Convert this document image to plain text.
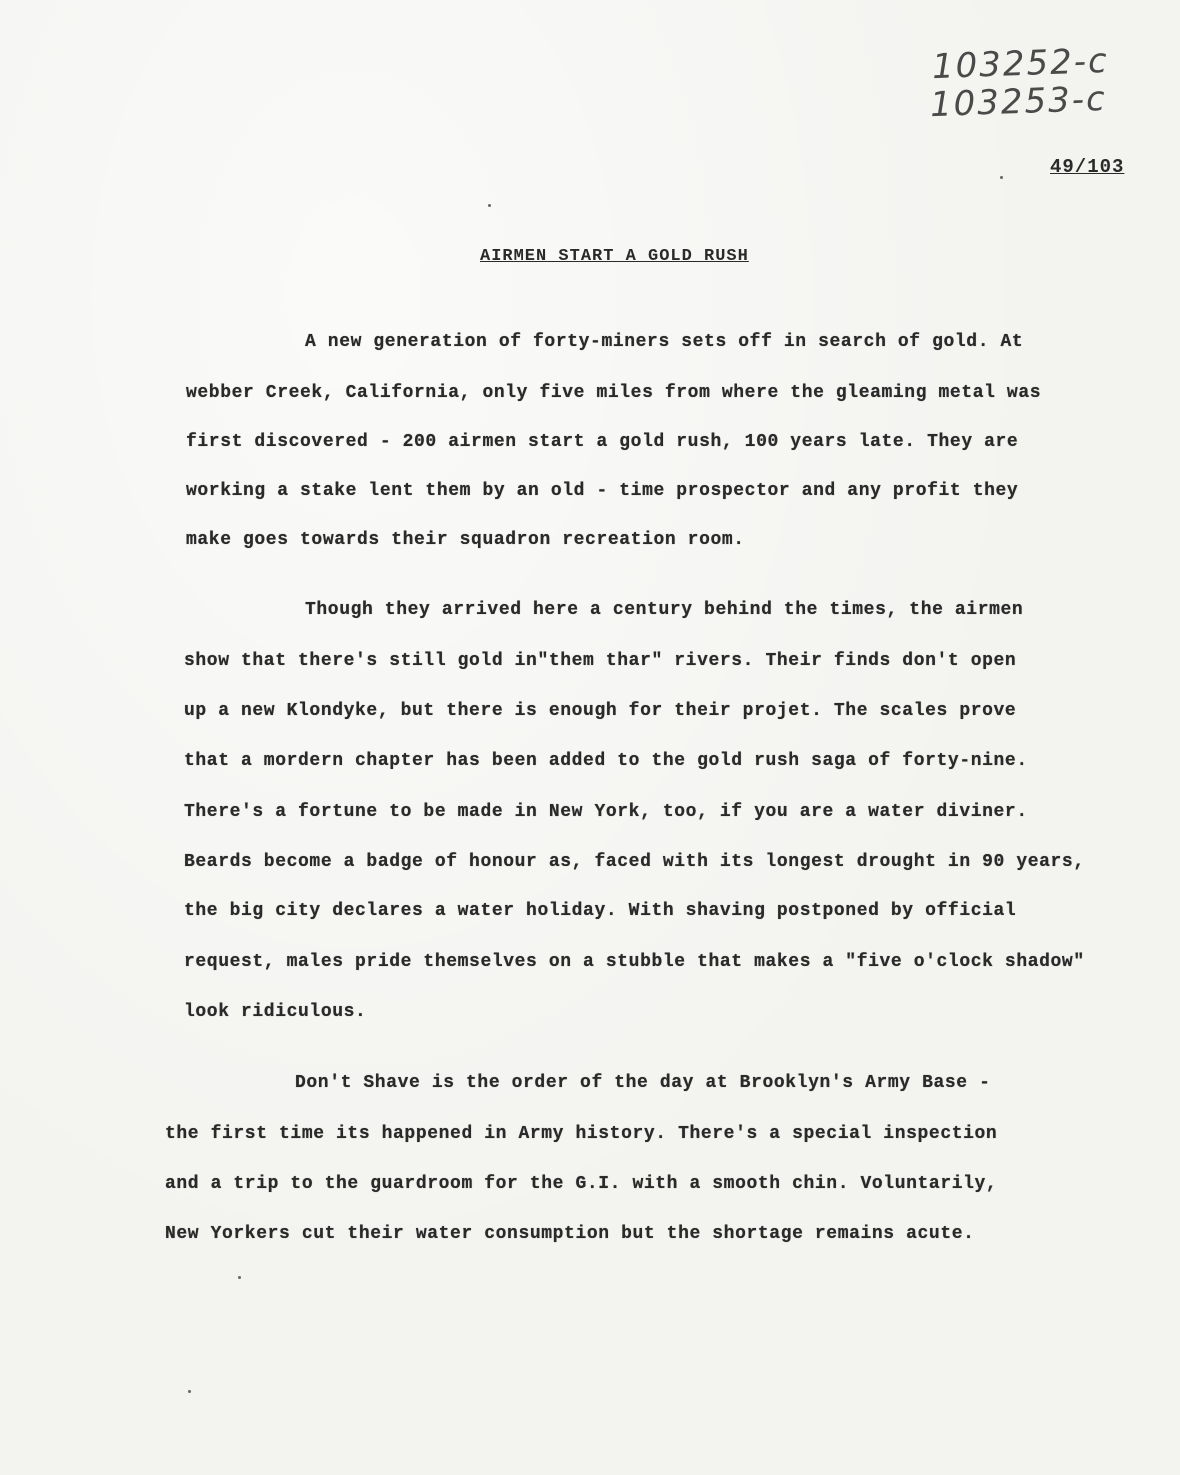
103252-c
103253-c
49/103
AIRMEN START A GOLD RUSH
A new generation of forty-miners sets off in search of gold. At
webber Creek, California, only five miles from where the gleaming metal was
first discovered - 200 airmen start a gold rush, 100 years late. They are
working a stake lent them by an old - time prospector and any profit they
make goes towards their squadron recreation room.
Though they arrived here a century behind the times, the airmen
show that there's still gold in"them thar" rivers. Their finds don't open
up a new Klondyke, but there is enough for their projet. The scales prove
that a mordern chapter has been added to the gold rush saga of forty-nine.
There's a fortune to be made in New York, too, if you are a water diviner.
Beards become a badge of honour as, faced with its longest drought in 90 years,
the big city declares a water holiday. With shaving postponed by official
request, males pride themselves on a stubble that makes a "five o'clock shadow"
look ridiculous.
Don't Shave is the order of the day at Brooklyn's Army Base -
the first time its happened in Army history. There's a special inspection
and a trip to the guardroom for the G.I. with a smooth chin. Voluntarily,
New Yorkers cut their water consumption but the shortage remains acute.
